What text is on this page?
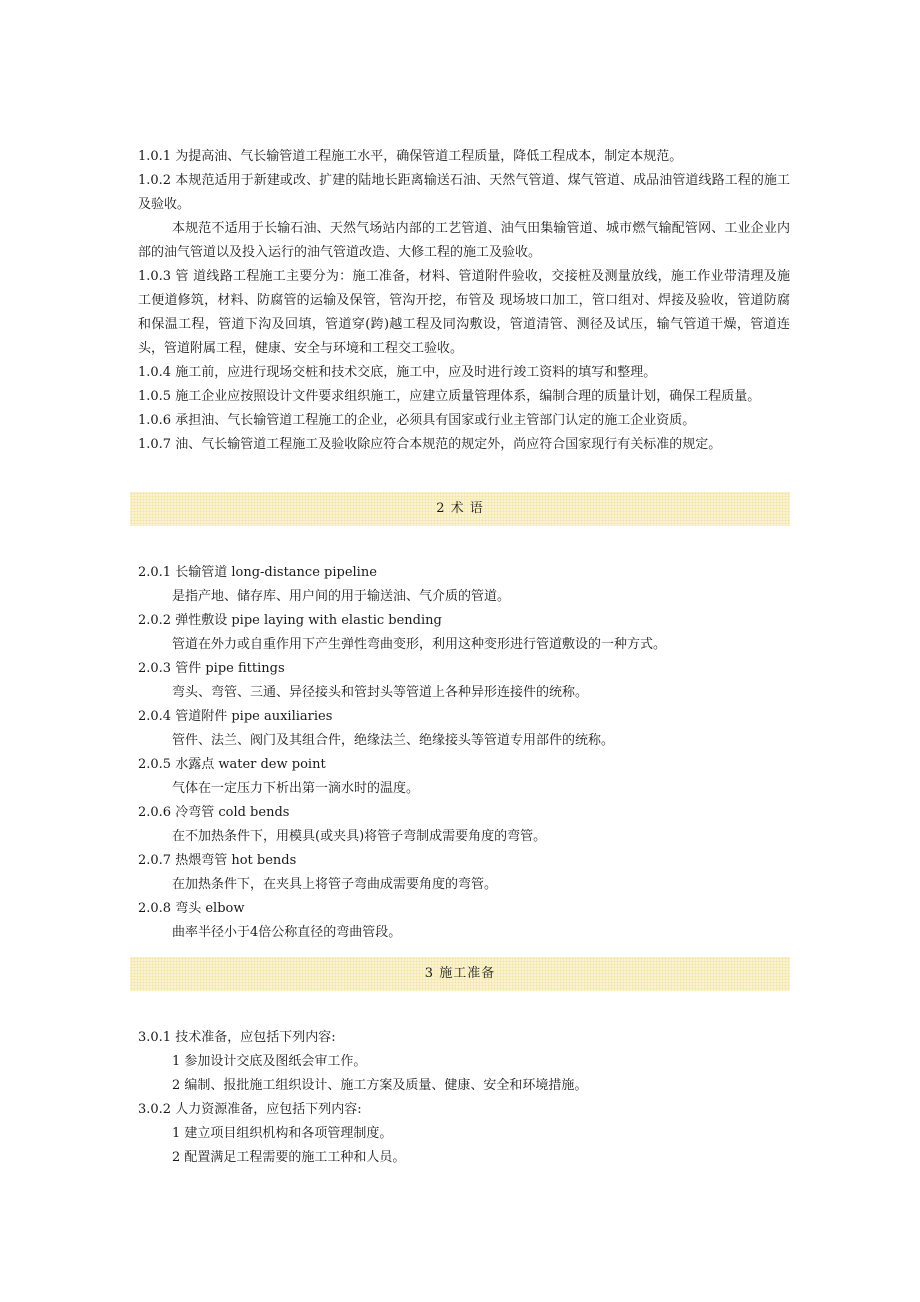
1.0.1 为提高油、气长输管道工程施工水平，确保管道工程质量，降低工程成本，制定本规范。

1.0.2 本规范适用于新建或改、扩建的陆地长距离输送石油、天然气管道、煤气管道、成品油管道线路工程的施工及验收。

本规范不适用于长输石油、天然气场站内部的工艺管道、油气田集输管道、城市燃气输配管网、工业企业内部的油气管道以及投入运行的油气管道改造、大修工程的施工及验收。

1.0.3 管 道线路工程施工主要分为：施工准备，材料、管道附件验收，交接桩及测量放线，施工作业带清理及施工便道修筑，材料、防腐管的运输及保管，管沟开挖，布管及 现场坡口加工，管口组对、焊接及验收，管道防腐和保温工程，管道下沟及回填，管道穿(跨)越工程及同沟敷设，管道清管、测径及试压，输气管道干燥，管道连 头，管道附属工程，健康、安全与环境和工程交工验收。

1.0.4 施工前，应进行现场交桩和技术交底，施工中，应及时进行竣工资料的填写和整理。

1.0.5 施工企业应按照设计文件要求组织施工，应建立质量管理体系，编制合理的质量计划，确保工程质量。

1.0.6 承担油、气长输管道工程施工的企业，必须具有国家或行业主管部门认定的施工企业资质。

1.0.7 油、气长输管道工程施工及验收除应符合本规范的规定外，尚应符合国家现行有关标准的规定。

2 术 语

2.0.1 长输管道 long-distance pipeline

是指产地、储存库、用户间的用于输送油、气介质的管道。

2.0.2 弹性敷设 pipe laying with elastic bending

管道在外力或自重作用下产生弹性弯曲变形，利用这种变形进行管道敷设的一种方式。

2.0.3 管件 pipe fittings

弯头、弯管、三通、异径接头和管封头等管道上各种异形连接件的统称。

2.0.4 管道附件 pipe auxiliaries

管件、法兰、阀门及其组合件，绝缘法兰、绝缘接头等管道专用部件的统称。

2.0.5 水露点 water dew point

气体在一定压力下析出第一滴水时的温度。

2.0.6 冷弯管 cold bends

在不加热条件下，用模具(或夹具)将管子弯制成需要角度的弯管。

2.0.7 热煨弯管 hot bends

在加热条件下，在夹具上将管子弯曲成需要角度的弯管。

2.0.8 弯头 elbow

曲率半径小于4倍公称直径的弯曲管段。

3 施工准备

3.0.1 技术准备，应包括下列内容:

1 参加设计交底及图纸会审工作。

2 编制、报批施工组织设计、施工方案及质量、健康、安全和环境措施。

3.0.2 人力资源准备，应包括下列内容:

1 建立项目组织机构和各项管理制度。

2 配置满足工程需要的施工工种和人员。
